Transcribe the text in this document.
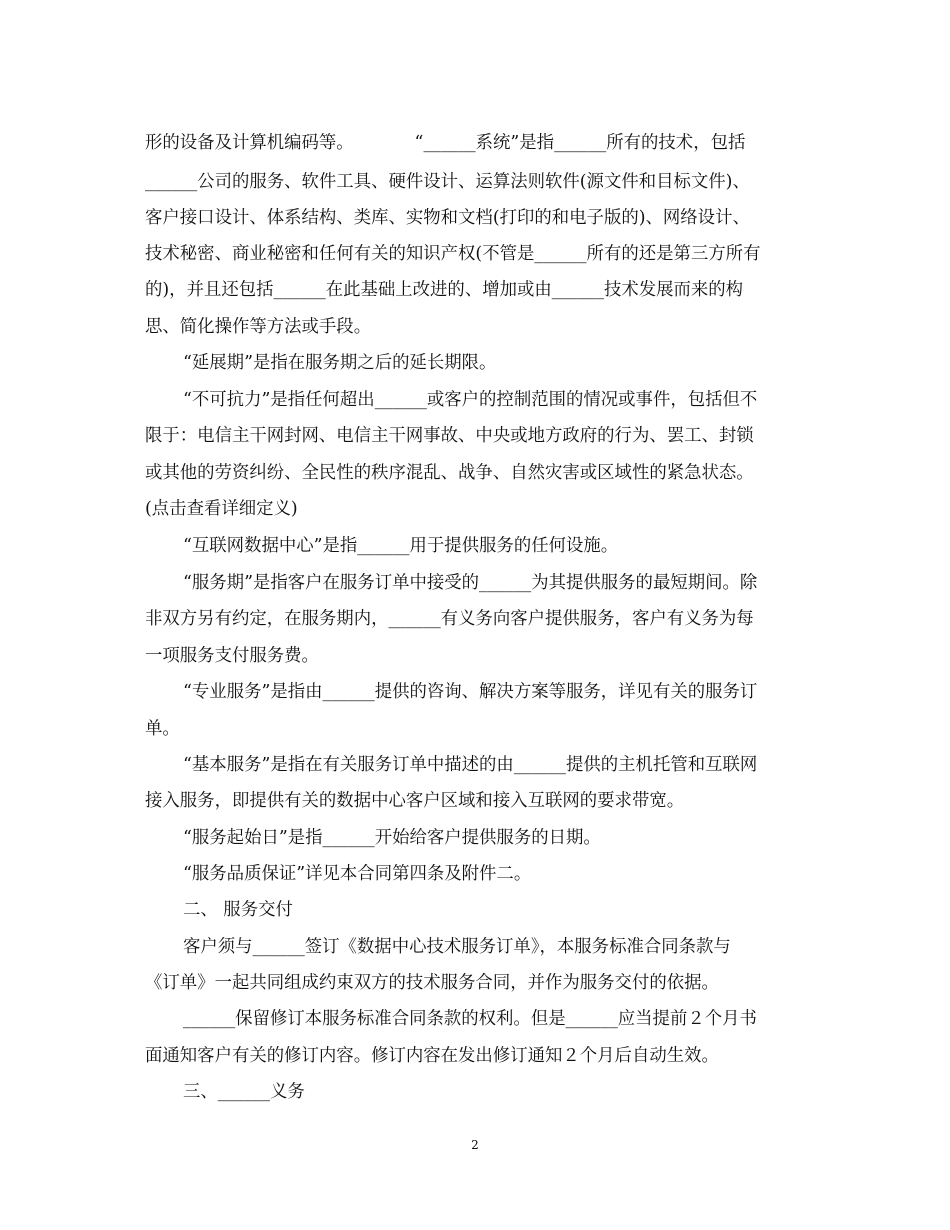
形的设备及计算机编码等。　　　　“______系统”是指______所有的技术，包括
______公司的服务、软件工具、硬件设计、运算法则软件(源文件和目标文件)、
客户接口设计、体系结构、类库、实物和文档(打印的和电子版的)、网络设计、
技术秘密、商业秘密和任何有关的知识产权(不管是______所有的还是第三方所有
的)，并且还包括______在此基础上改进的、增加或由______技术发展而来的构
思、简化操作等方法或手段。
“延展期”是指在服务期之后的延长期限。
“不可抗力”是指任何超出______或客户的控制范围的情况或事件，包括但不
限于：电信主干网封网、电信主干网事故、中央或地方政府的行为、罢工、封锁
或其他的劳资纠纷、全民性的秩序混乱、战争、自然灾害或区域性的紧急状态。
(点击查看详细定义)
“互联网数据中心”是指______用于提供服务的任何设施。
“服务期”是指客户在服务订单中接受的______为其提供服务的最短期间。除
非双方另有约定，在服务期内，______有义务向客户提供服务，客户有义务为每
一项服务支付服务费。
“专业服务”是指由______提供的咨询、解决方案等服务，详见有关的服务订
单。
“基本服务”是指在有关服务订单中描述的由______提供的主机托管和互联网
接入服务，即提供有关的数据中心客户区域和接入互联网的要求带宽。
“服务起始日”是指______开始给客户提供服务的日期。
“服务品质保证”详见本合同第四条及附件二。
二、 服务交付
客户须与______签订《数据中心技术服务订单》，本服务标准合同条款与
《订单》一起共同组成约束双方的技术服务合同，并作为服务交付的依据。
______保留修订本服务标准合同条款的权利。但是______应当提前２个月书
面通知客户有关的修订内容。修订内容在发出修订通知２个月后自动生效。
三、______义务
2
